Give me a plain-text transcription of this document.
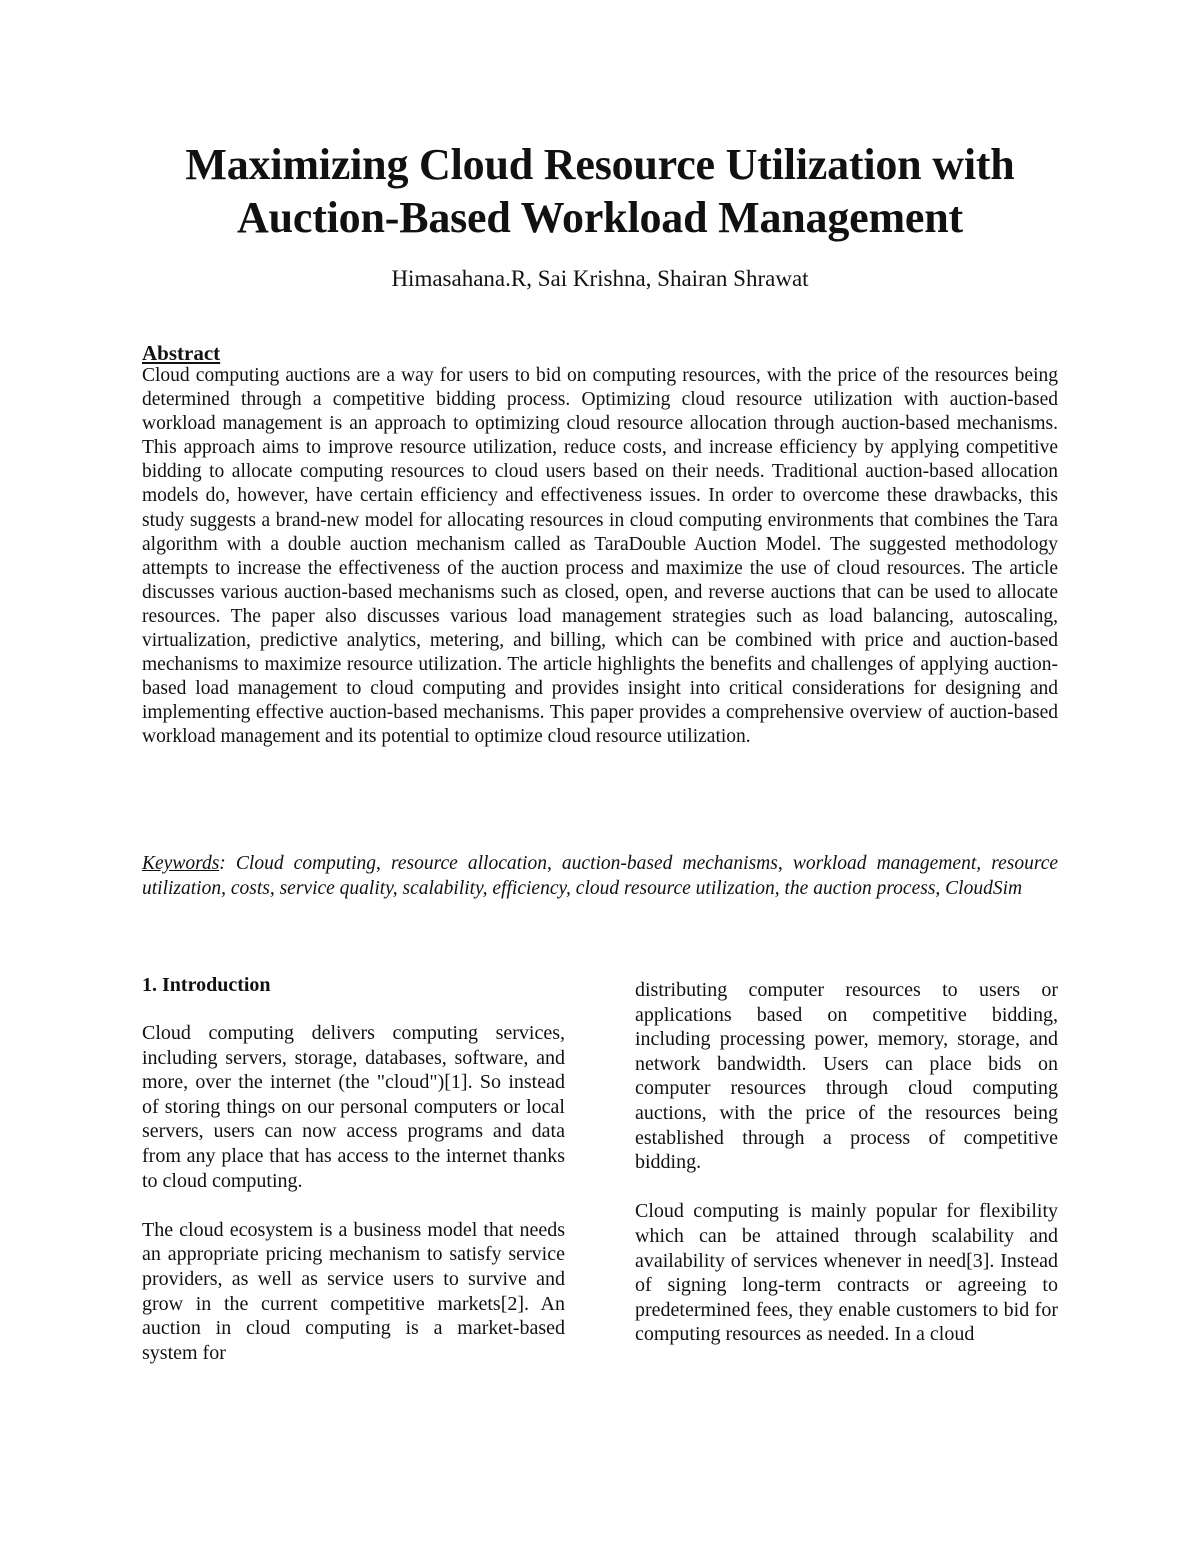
Maximizing Cloud Resource Utilization with
Auction-Based Workload Management

Himasahana.R, Sai Krishna, Shairan Shrawat

Abstract

Cloud computing auctions are a way for users to bid on computing resources, with the price of the resources being determined through a competitive bidding process. Optimizing cloud resource utilization with auction-based workload management is an approach to optimizing cloud resource allocation through auction-based mechanisms. This approach aims to improve resource utilization, reduce costs, and increase efficiency by applying competitive bidding to allocate computing resources to cloud users based on their needs. Traditional auction-based allocation models do, however, have certain efficiency and effectiveness issues. In order to overcome these drawbacks, this study suggests a brand-new model for allocating resources in cloud computing environments that combines the Tara algorithm with a double auction mechanism called as TaraDouble Auction Model. The suggested methodology attempts to increase the effectiveness of the auction process and maximize the use of cloud resources. The article discusses various auction-based mechanisms such as closed, open, and reverse auctions that can be used to allocate resources. The paper also discusses various load management strategies such as load balancing, autoscaling, virtualization, predictive analytics, metering, and billing, which can be combined with price and auction-based mechanisms to maximize resource utilization. The article highlights the benefits and challenges of applying auction-based load management to cloud computing and provides insight into critical considerations for designing and implementing effective auction-based mechanisms. This paper provides a comprehensive overview of auction-based workload management and its potential to optimize cloud resource utilization.

Keywords: Cloud computing, resource allocation, auction-based mechanisms, workload management, resource utilization, costs, service quality, scalability, efficiency, cloud resource utilization, the auction process, CloudSim

1. Introduction

Cloud computing delivers computing services, including servers, storage, databases, software, and more, over the internet (the "cloud")[1]. So instead of storing things on our personal computers or local servers, users can now access programs and data from any place that has access to the internet thanks to cloud computing.

The cloud ecosystem is a business model that needs an appropriate pricing mechanism to satisfy service providers, as well as service users to survive and grow in the current competitive markets[2]. An auction in cloud computing is a market-based system for

distributing computer resources to users or applications based on competitive bidding, including processing power, memory, storage, and network bandwidth. Users can place bids on computer resources through cloud computing auctions, with the price of the resources being established through a process of competitive bidding.

Cloud computing is mainly popular for flexibility which can be attained through scalability and availability of services whenever in need[3]. Instead of signing long-term contracts or agreeing to predetermined fees, they enable customers to bid for computing resources as needed. In a cloud
